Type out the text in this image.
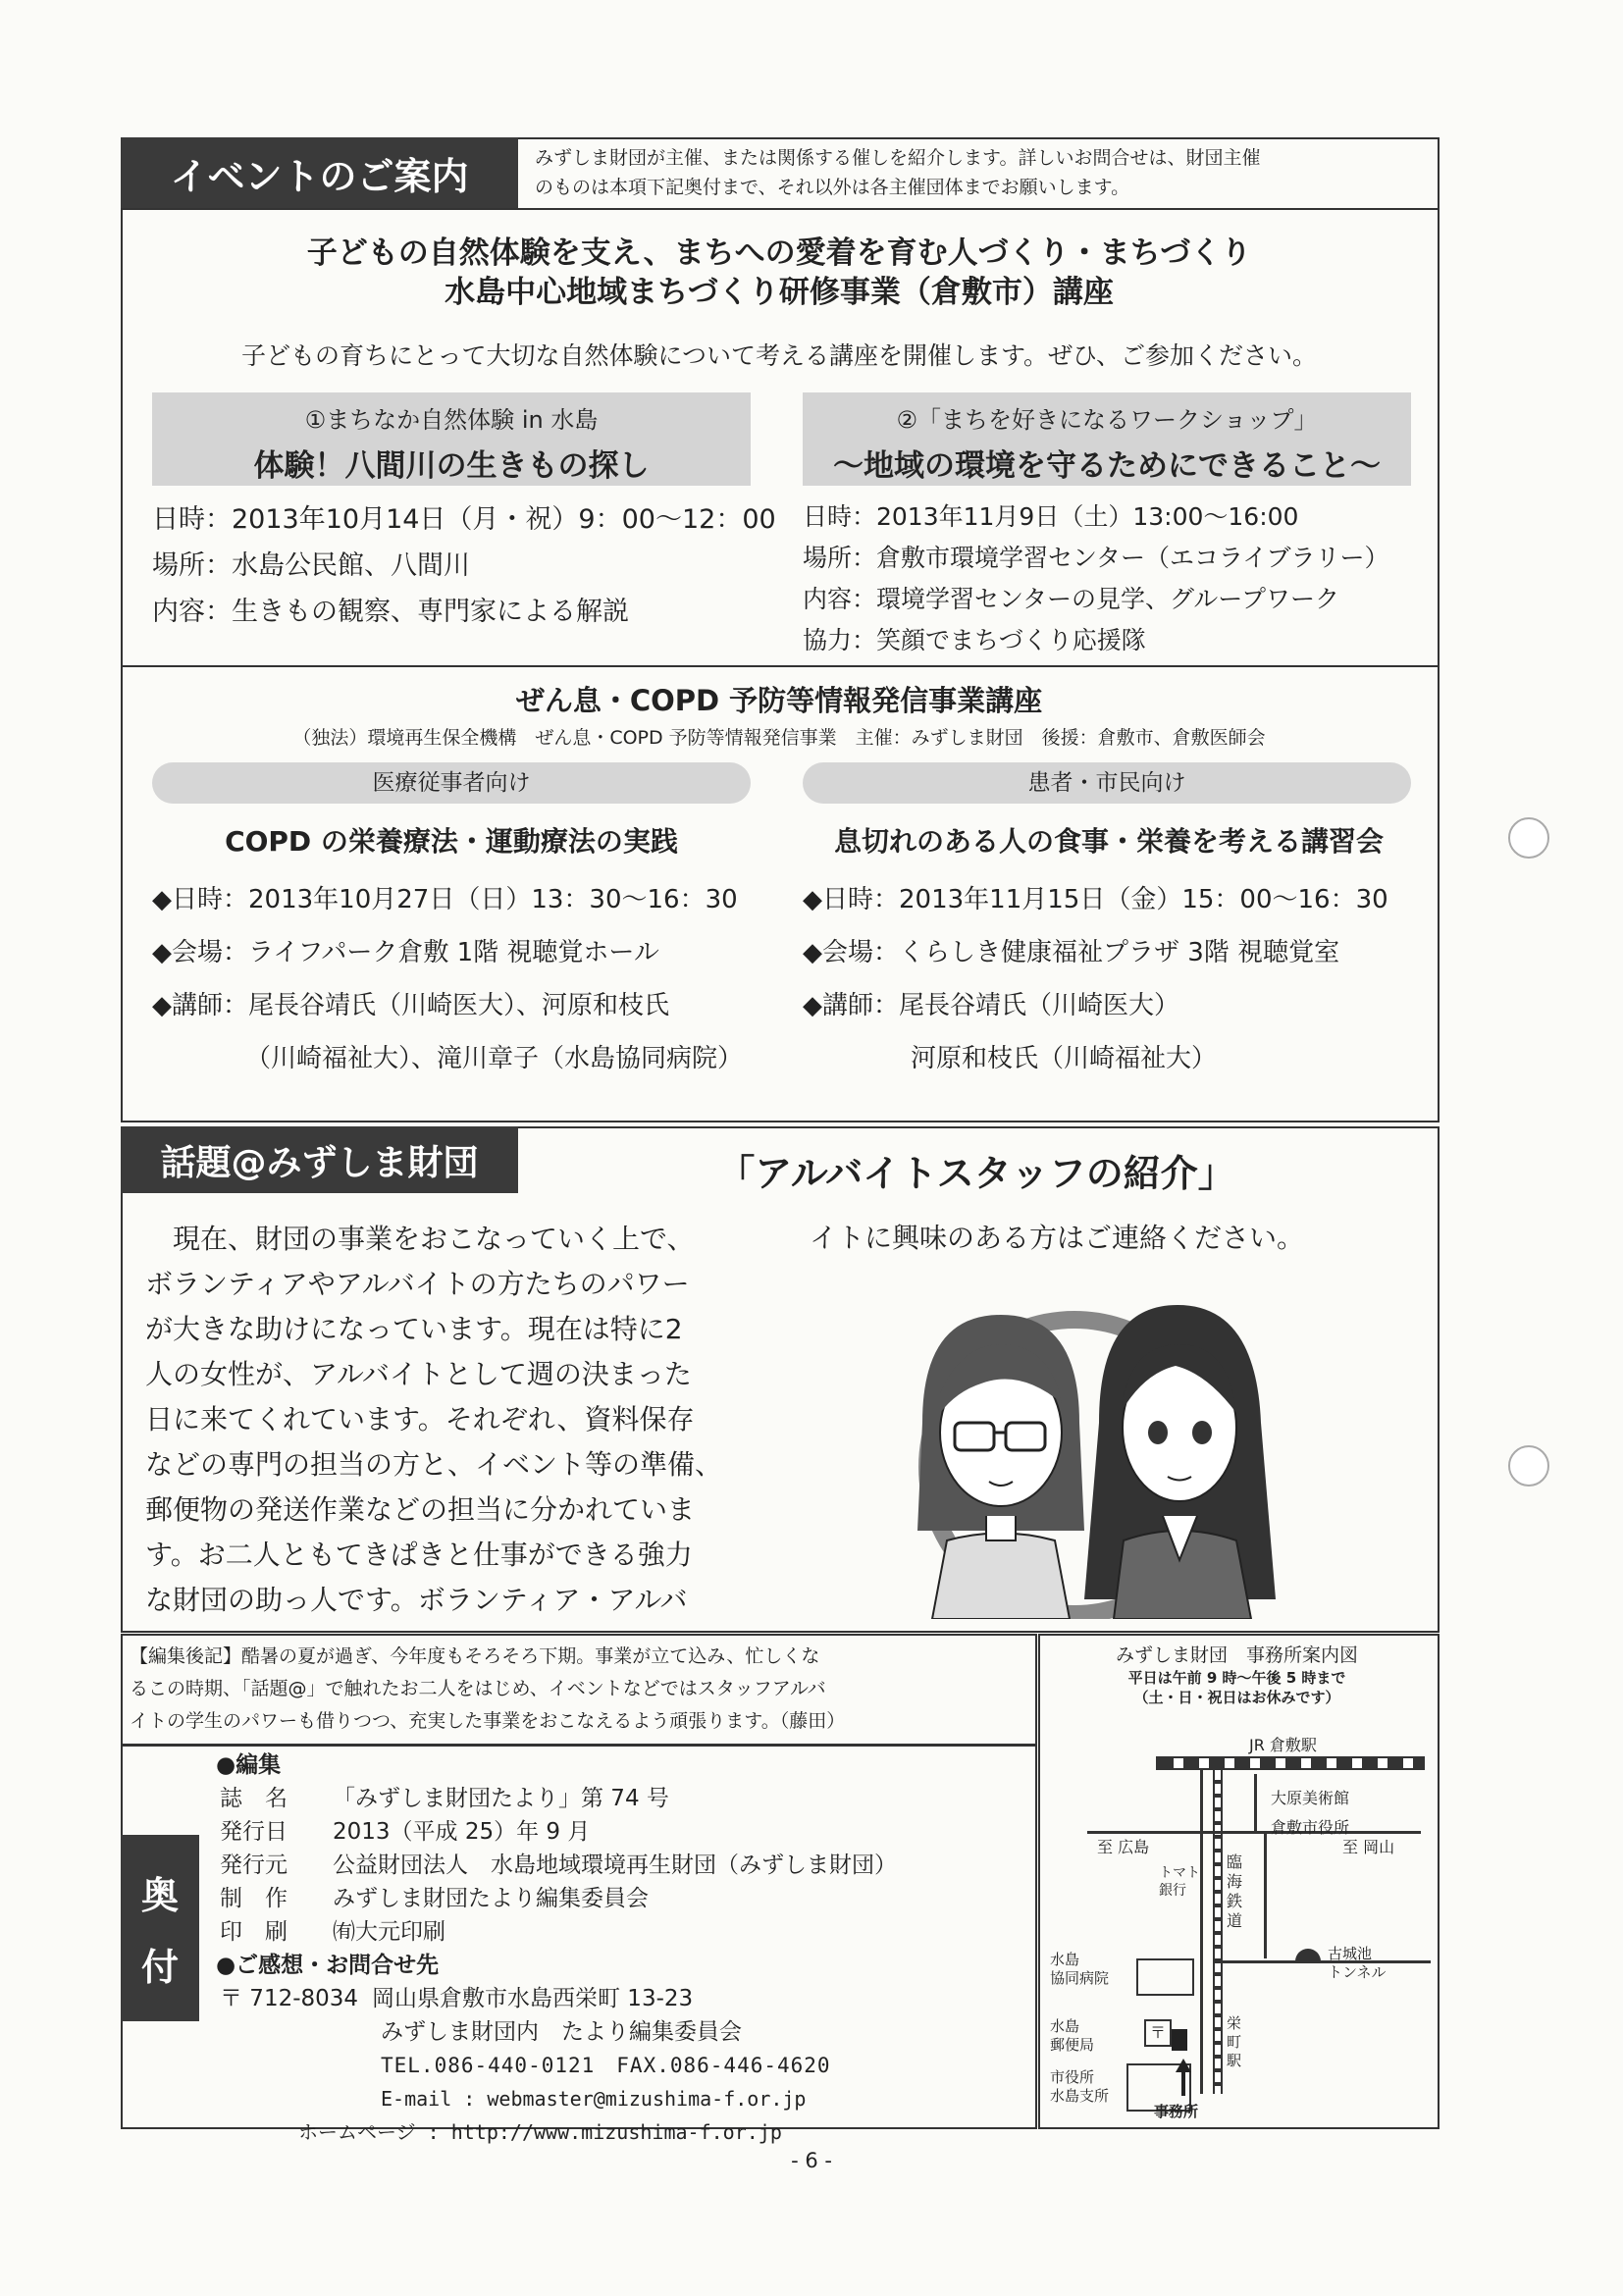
イベントのご案内	みずしま財団が主催、または関係する催しを紹介します。詳しいお問合せは、財団主催
のものは本項下記奥付まで、それ以外は各主催団体までお願いします。
子どもの自然体験を支え、まちへの愛着を育む人づくり・まちづくり
水島中心地域まちづくり研修事業（倉敷市）講座
子どもの育ちにとって大切な自然体験について考える講座を開催します。ぜひ、ご参加ください。
①まちなか自然体験 in 水島
体験！八間川の生きもの探し
②「まちを好きになるワークショップ」
～地域の環境を守るためにできること～
日時：2013年10月14日（月・祝）9：00～12：00
場所：水島公民館、八間川
内容：生きもの観察、専門家による解説
日時：2013年11月9日（土）13:00～16:00
場所：倉敷市環境学習センター（エコライブラリー）
内容：環境学習センターの見学、グループワーク
協力：笑顔でまちづくり応援隊
ぜん息・COPD 予防等情報発信事業講座
（独法）環境再生保全機構　ぜん息・COPD 予防等情報発信事業　主催：みずしま財団　後援：倉敷市、倉敷医師会
医療従事者向け	患者・市民向け
COPD の栄養療法・運動療法の実践	息切れのある人の食事・栄養を考える講習会
◆日時：2013年10月27日（日）13：30～16：30
◆会場：ライフパーク倉敷 1階 視聴覚ホール
◆講師：尾長谷靖氏（川崎医大）、河原和枝氏
（川崎福祉大）、滝川章子（水島協同病院）
◆日時：2013年11月15日（金）15：00～16：30
◆会場：くらしき健康福祉プラザ 3階 視聴覚室
◆講師：尾長谷靖氏（川崎医大）
河原和枝氏（川崎福祉大）
話題@みずしま財団	「アルバイトスタッフの紹介」
　現在、財団の事業をおこなっていく上で、
ボランティアやアルバイトの方たちのパワー
が大きな助けになっています。現在は特に2
人の女性が、アルバイトとして週の決まった
日に来てくれています。それぞれ、資料保存
などの専門の担当の方と、イベント等の準備、
郵便物の発送作業などの担当に分かれていま
す。お二人ともてきぱきと仕事ができる強力
な財団の助っ人です。ボランティア・アルバ
イトに興味のある方はご連絡ください。
【編集後記】酷暑の夏が過ぎ、今年度もそろそろ下期。事業が立て込み、忙しくな
るこの時期、「話題@」で触れたお二人をはじめ、イベントなどではスタッフアルバ
イトの学生のパワーも借りつつ、充実した事業をおこなえるよう頑張ります。（藤田）
奥
付
●編集
誌　名	「みずしま財団たより」第 74 号
発行日	2013（平成 25）年 9 月
発行元	公益財団法人　水島地域環境再生財団（みずしま財団）
制　作	みずしま財団たより編集委員会
印　刷	㈲大元印刷
●ご感想・お問合せ先
〒 712-8034 岡山県倉敷市水島西栄町 13-23
みずしま財団内　たより編集委員会
TEL.086-440-0121　FAX.086-446-4620
E-mail : webmaster@mizushima-f.or.jp
ホームページ : http://www.mizushima-f.or.jp
みずしま財団　事務所案内図
平日は午前 9 時～午後 5 時まで
（土・日・祝日はお休みです）
JR 倉敷駅
大原美術館
倉敷市役所
至 広島	至 岡山
トマト
銀行
臨
海
鉄
道
水島
協同病院
古城池
トンネル
水島
郵便局
〒
市役所
水島支所
栄
町
駅
事務所
- 6 -
